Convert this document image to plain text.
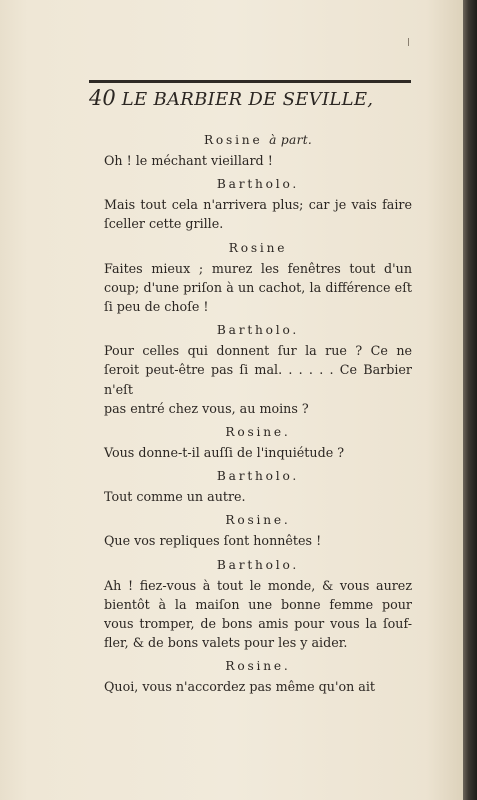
40 LE BARBIER DE SEVILLE,
Rosine à part.
Oh ! le méchant vieillard !
Bartholo.
Mais tout cela n'arrivera plus; car je vais faire
ſceller cette grille.
Rosine
Faites mieux ; murez les fenêtres tout d'un
coup; d'une priſon à un cachot, la différence eſt
ſi peu de choſe !
Bartholo.
Pour celles qui donnent ſur la rue ? Ce ne
ſeroit peut-être pas ſi mal. . . . . . Ce Barbier n'eſt
pas entré chez vous, au moins ?
Rosine.
Vous donne-t-il auſſi de l'inquiétude ?
Bartholo.
Tout comme un autre.
Rosine.
Que vos repliques ſont honnêtes !
Bartholo.
Ah ! fiez-vous à tout le monde, & vous aurez
bientôt à la maiſon une bonne femme pour
vous tromper, de bons amis pour vous la ſouf-
fler, & de bons valets pour les y aider.
Rosine.
Quoi, vous n'accordez pas même qu'on ait
